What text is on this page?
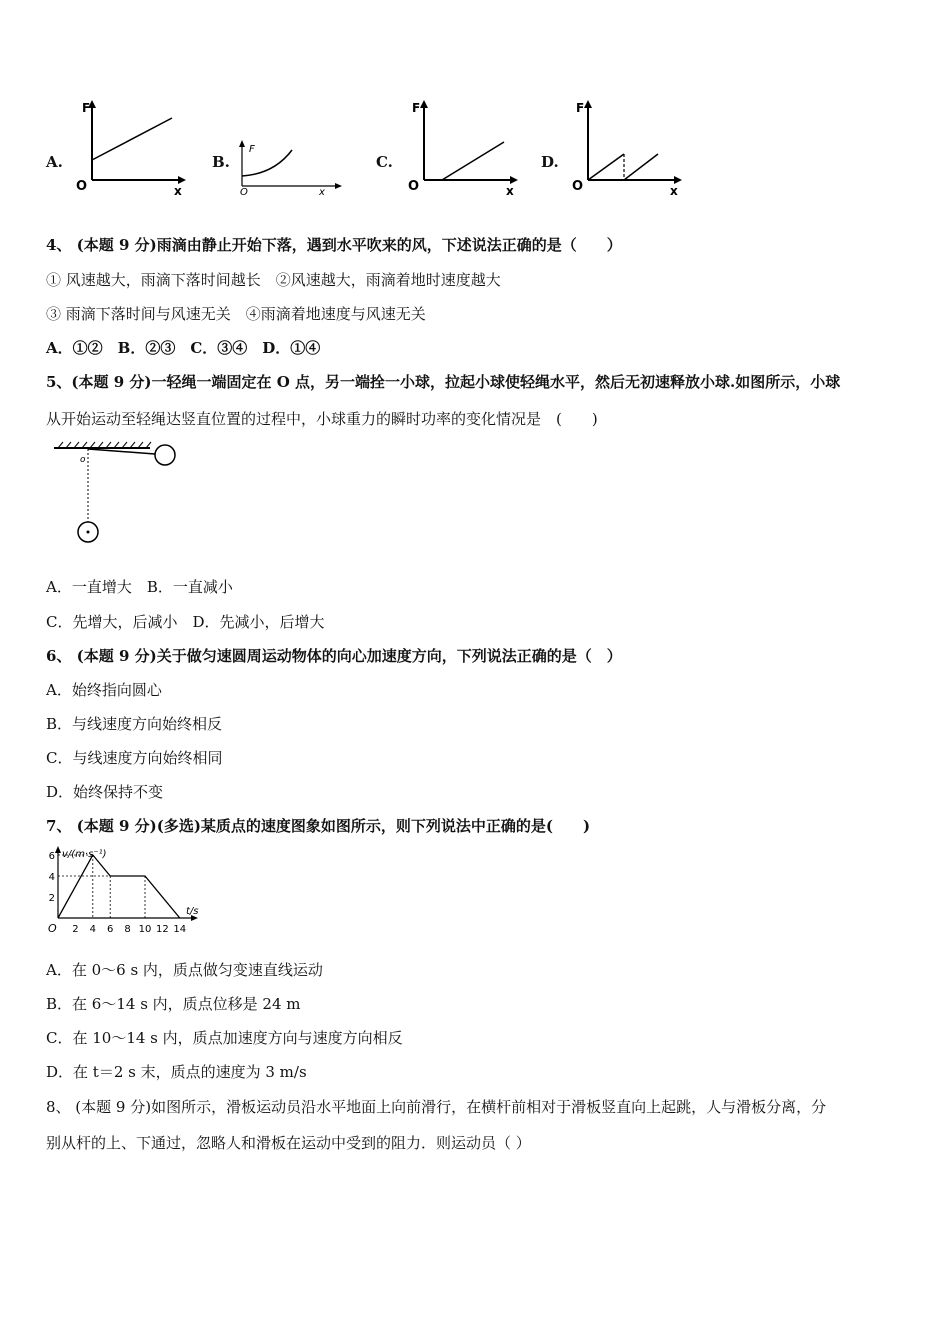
A.
F
x
O
B.
F
x
O
C.
F
x
O
D.
F
x
O
4、 (本题 9 分)雨滴由静止开始下落，遇到水平吹来的风，下述说法正确的是（　　）
① 风速越大，雨滴下落时间越长　②风速越大，雨滴着地时速度越大
③ 雨滴下落时间与风速无关　④雨滴着地速度与风速无关
A．①②　B．②③　C．③④　D．①④
5、(本题 9 分)一轻绳一端固定在 O 点，另一端拴一小球，拉起小球使轻绳水平，然后无初速释放小球.如图所示，小球
从开始运动至轻绳达竖直位置的过程中，小球重力的瞬时功率的变化情况是　(　　)
o
A．一直增大　B．一直减小
C．先增大，后减小　D．先减小，后增大
6、 (本题 9 分)关于做匀速圆周运动物体的向心加速度方向，下列说法正确的是（　）
A．始终指向圆心
B．与线速度方向始终相反
C．与线速度方向始终相同
D．始终保持不变
7、 (本题 9 分)(多选)某质点的速度图象如图所示，则下列说法中正确的是(　　)
2 4 6 8 10 12 14
2
4
6 v/(m·s⁻¹)
t/s
O
A．在 0～6 s 内，质点做匀变速直线运动
B．在 6～14 s 内，质点位移是 24 m
C．在 10～14 s 内，质点加速度方向与速度方向相反
D．在 t＝2 s 末，质点的速度为 3 m/s
8、 (本题 9 分)如图所示，滑板运动员沿水平地面上向前滑行，在横杆前相对于滑板竖直向上起跳，人与滑板分离，分
别从杆的上、下通过，忽略人和滑板在运动中受到的阻力．则运动员（ ）
